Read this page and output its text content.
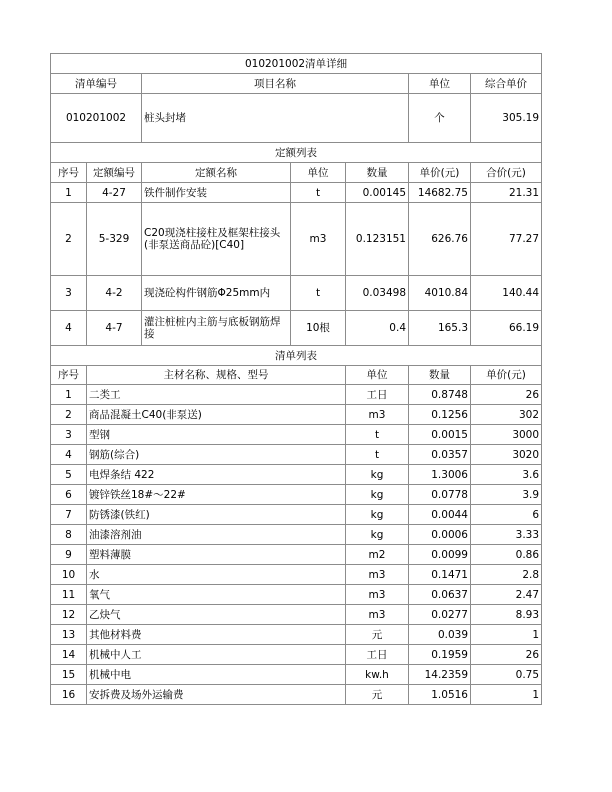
010201002清单详细							
清单编号		项目名称			单位	综合单价	
010201002		桩头封堵			个	305.19	
定额列表							
序号	定额编号	定额名称	单位	数量	单价(元)	合价(元)	
1	4-27	铁件制作安装	t	0.00145	14682.75	21.31	
2	5-329	C20现浇柱接柱及框架柱接头(非泵送商品砼)[C40]	m3	0.123151	626.76	77.27	
3	4-2	现浇砼构件钢筋Φ25mm内	t	0.03498	4010.84	140.44	
4	4-7	灌注桩桩内主筋与底板钢筋焊接	10根	0.4	165.3	66.19	
清单列表							
序号	主材名称、规格、型号			单位	数量	单价(元)	
1	二类工			工日	0.8748	26	
2	商品混凝土C40(非泵送)			m3	0.1256	302	
3	型钢			t	0.0015	3000	
4	钢筋(综合)			t	0.0357	3020	
5	电焊条结 422			kg	1.3006	3.6	
6	镀锌铁丝18#～22#			kg	0.0778	3.9	
7	防锈漆(铁红)			kg	0.0044	6	
8	油漆溶剂油			kg	0.0006	3.33	
9	塑料薄膜			m2	0.0099	0.86	
10	水			m3	0.1471	2.8	
11	氧气			m3	0.0637	2.47	
12	乙炔气			m3	0.0277	8.93	
13	其他材料费			元	0.039	1	
14	机械中人工			工日	0.1959	26	
15	机械中电			kw.h	14.2359	0.75	
16	安拆费及场外运输费			元	1.0516	1	
